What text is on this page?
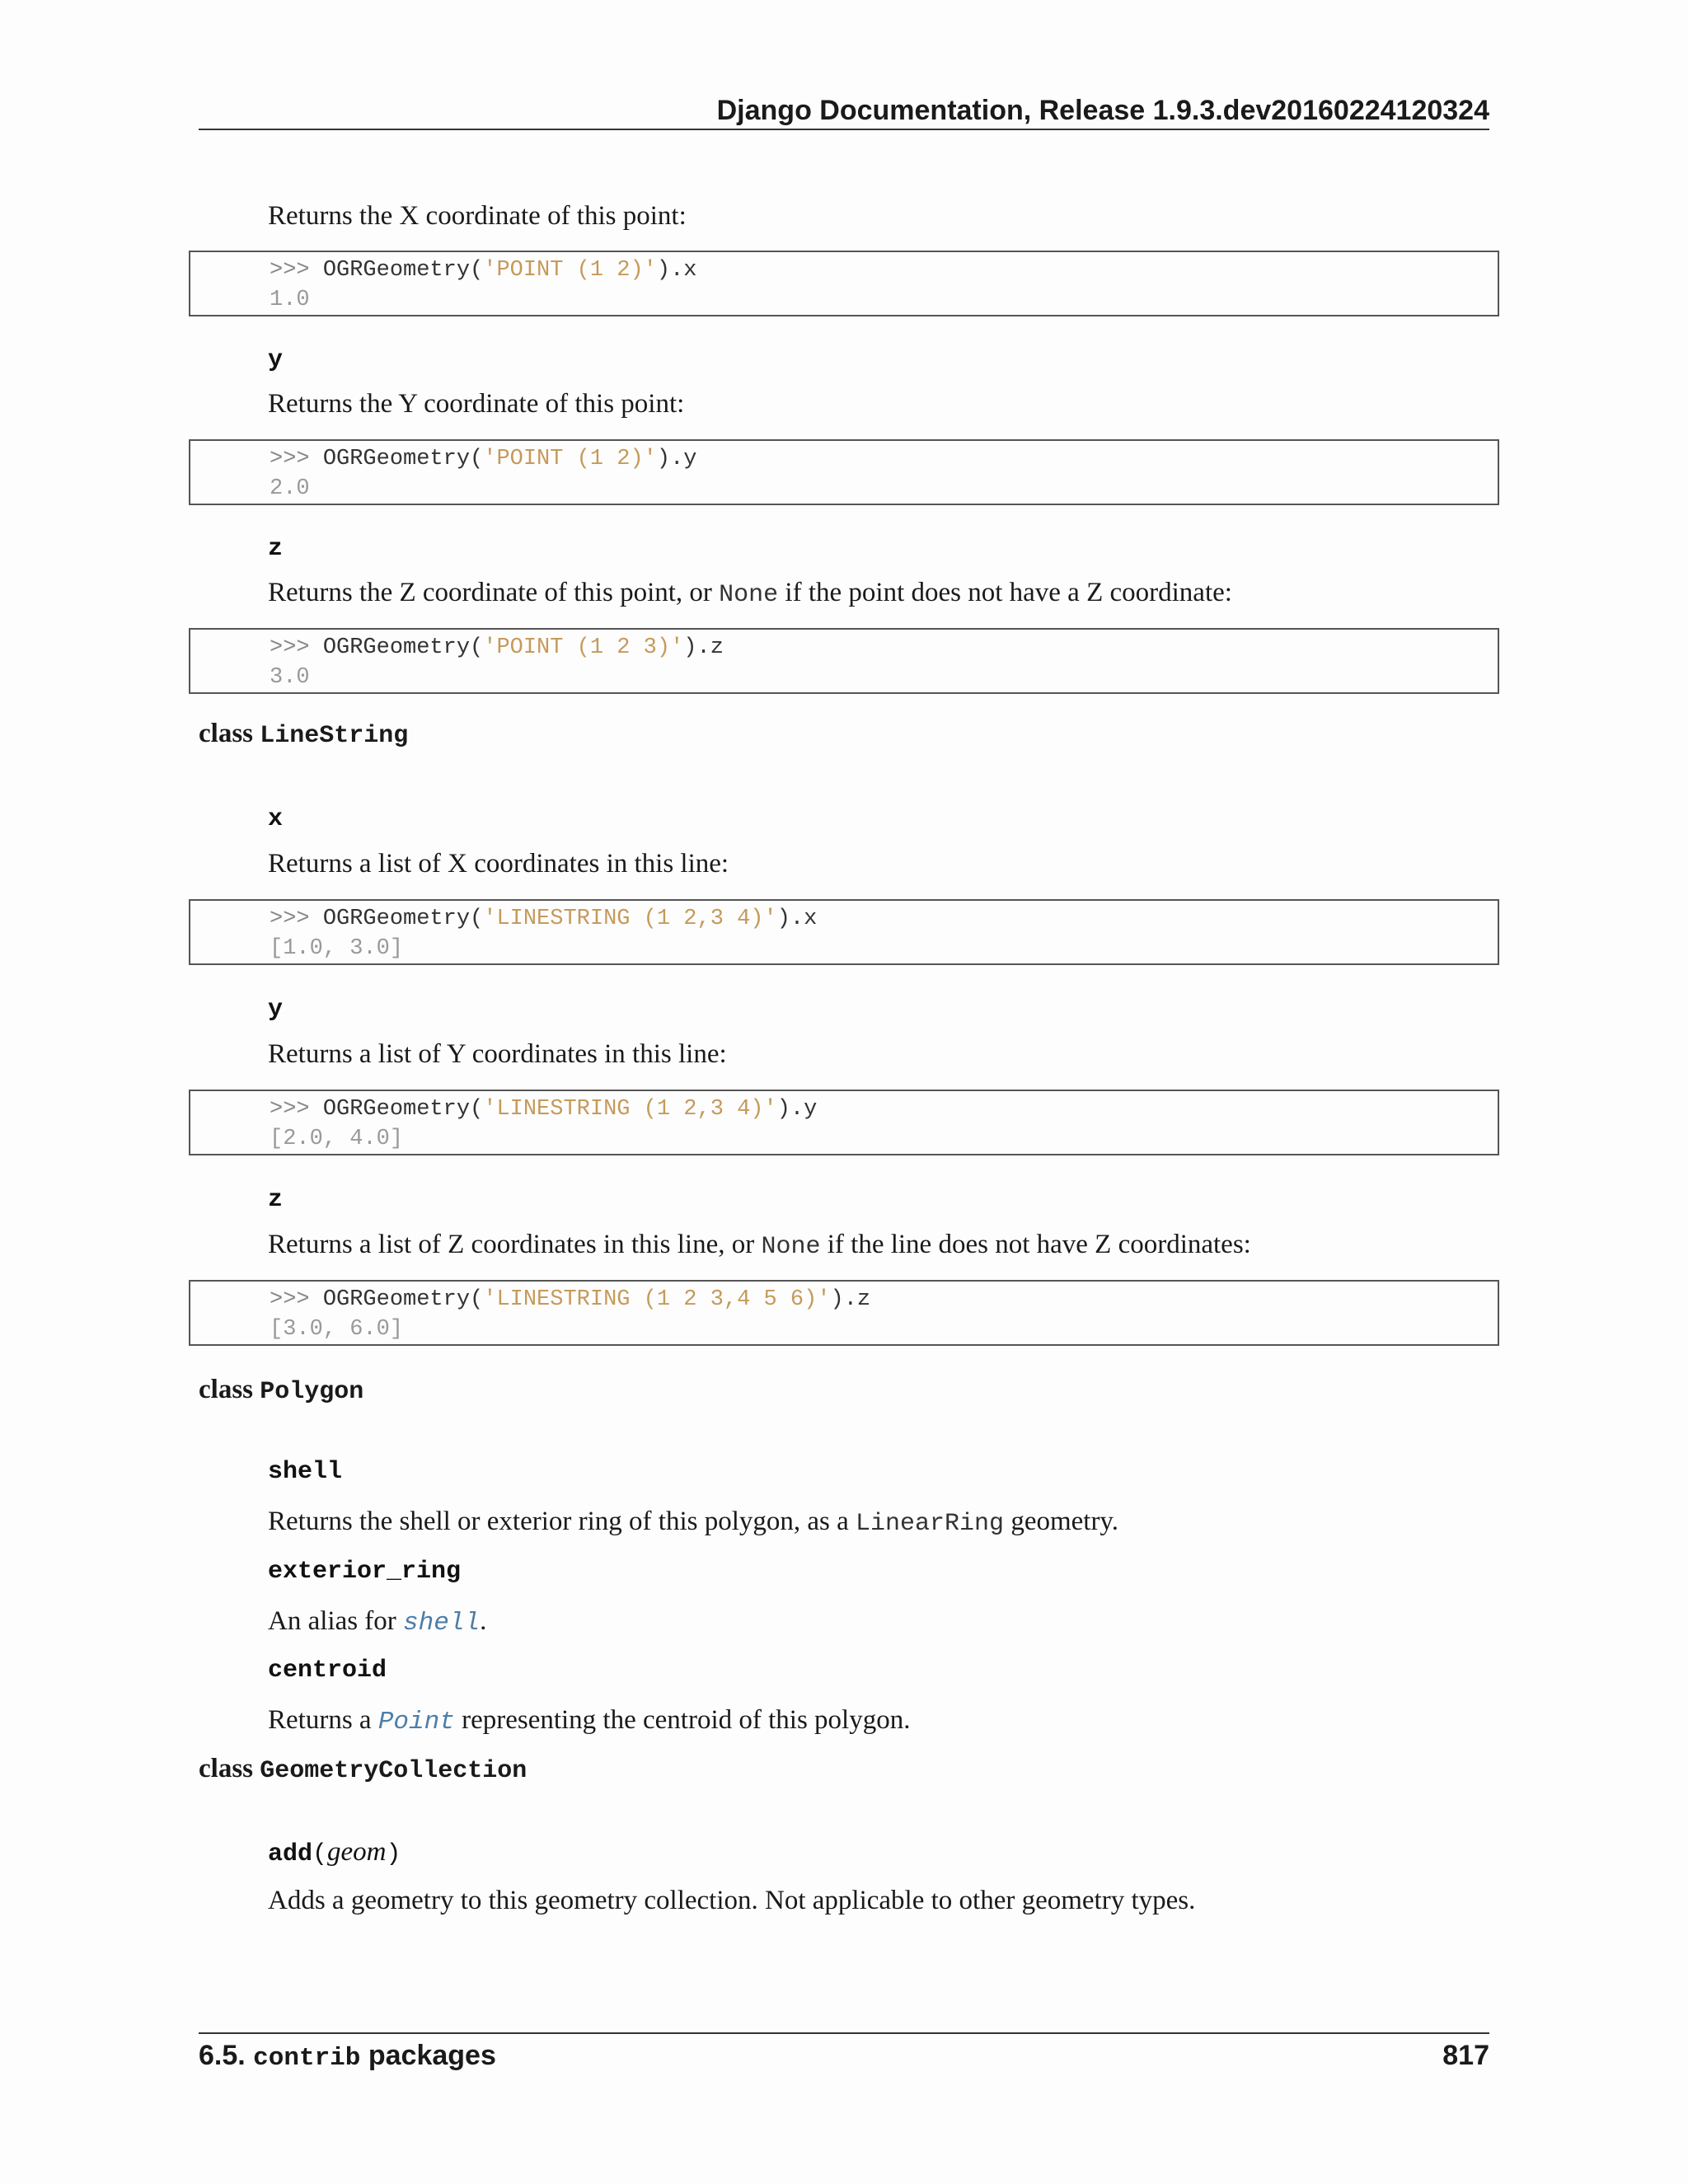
Django Documentation, Release 1.9.3.dev20160224120324
Returns the X coordinate of this point:
>>> OGRGeometry('POINT (1 2)').x
1.0
y
Returns the Y coordinate of this point:
>>> OGRGeometry('POINT (1 2)').y
2.0
z
Returns the Z coordinate of this point, or None if the point does not have a Z coordinate:
>>> OGRGeometry('POINT (1 2 3)').z
3.0
class LineString
x
Returns a list of X coordinates in this line:
>>> OGRGeometry('LINESTRING (1 2,3 4)').x
[1.0, 3.0]
y
Returns a list of Y coordinates in this line:
>>> OGRGeometry('LINESTRING (1 2,3 4)').y
[2.0, 4.0]
z
Returns a list of Z coordinates in this line, or None if the line does not have Z coordinates:
>>> OGRGeometry('LINESTRING (1 2 3,4 5 6)').z
[3.0, 6.0]
class Polygon
shell
Returns the shell or exterior ring of this polygon, as a LinearRing geometry.
exterior_ring
An alias for shell.
centroid
Returns a Point representing the centroid of this polygon.
class GeometryCollection
add(geom)
Adds a geometry to this geometry collection. Not applicable to other geometry types.
6.5. contrib packages	817
